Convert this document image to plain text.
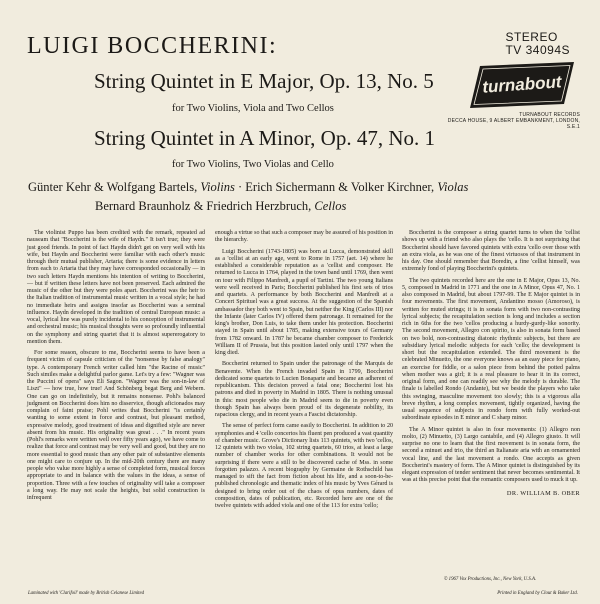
LUIGI BOCCHERINI:	STEREO
TV 34094S
turnabout
TURNABOUT RECORDS
DECCA HOUSE, 9 ALBERT EMBANKMENT, LONDON, S.E.1
String Quintet in E Major, Op. 13, No. 5
for Two Violins, Viola and Two Cellos
String Quintet in A Minor, Op. 47, No. 1
for Two Violins, Two Violas and Cello
Günter Kehr & Wolfgang Bartels, Violins · Erich Sichermann & Volker Kirchner, Violas
Bernard Braunholz & Friedrich Herzbruch, Cellos

The violinist Puppo has been credited with the remark, repeated ad nauseam that "Boccherini is the wife of Haydn." It isn't true; they were just good friends. In point of fact Haydn didn't get on very well with his wife, but Haydn and Boccherini were familiar with each other's music through their mutual publisher, Artaria; there is some evidence in letters from each to Artaria that they may have corresponded occasionally — in two such letters Haydn mentions his intention of writing to Boccherini, — but if written these letters have not been preserved. Each admired the music of the other but they were poles apart. Boccherini was the heir to the Italian tradition of instrumental music written in a vocal style; he had no immediate heirs and assigns insofar as Boccherini was a seminal influence. Haydn developed in the tradition of central European music: a vocal, lyrical line was purely incidental to his conception of instrumental and orchestral music; his musical thoughts were so profoundly influential on the symphony and string quartet that it is almost supererogatory to mention them.

For some reason, obscure to me, Boccherini seems to have been a frequent victim of capsule criticism of the "nonsense by false analogy" type. A contemporary French writer called him "the Racine of music" Such similes make a delightful parlor game. Let's try a few: "Wagner was the Puccini of opera" says Eli Sagon. "Wagner was the son-in-law of Liszt" — how true, how true! And Schönberg begat Berg and Webern. One can go on indefinitely, but it remains nonsense. Pohl's balanced judgment on Boccherini does him no disservice, though aficionados may complain of faint praise; Pohl writes that Boccherini "is certainly wanting to some extent in force and contrast, but pleasant method, expressive melody, good treatment of ideas and dignified style are never absent from his music. His originality was great . . ." In recent years (Pohl's remarks were written well over fifty years ago), we have come to realize that force and contrast may be very well and good, but they are no more essential to good music than any other pair of substantive elements one might care to conjure up. In the mid-20th century there are many people who value more highly a sense of completed form, musical forces appropriate to and in balance with the values in the ideas, a sense of proportion. Three with a few touches of originality will take a composer a long way. He may not scale the heights, but solid construction is infrequent

enough a virtue so that such a composer may be assured of his position in the hierarchy.

Luigi Boccherini (1743-1805) was born at Lucca, demonstrated skill as a 'cellist at an early age, went to Rome in 1757 (aet. 14) where he established a considerable reputation as a 'cellist and composer. He returned to Lucca in 1764, played in the town band until 1769, then went on tour with Filippo Manfredi, a pupil of Tartini. The two young Italians were well received in Paris; Boccherini published his first sets of trios and quartets. A performance by both Boccherini and Manfredi at a Concert Spirituel was a great success. At the suggestion of the Spanish ambassador they both went to Spain, but neither the King (Carlos III) nor the Infante (later Carlos IV) offered them patronage. It remained for the king's brother, Don Luis, to take them under his protection. Boccherini stayed in Spain until about 1785, making extensive tours of Germany from 1782 onward. In 1787 he became chamber composer to Frederick William II of Prussia, but this position lasted only until 1797 when the king died.

Boccherini returned to Spain under the patronage of the Marquis de Benavente. When the French invaded Spain in 1799, Boccherini dedicated some quartets to Lucien Bonaparte and became an adherent of republicanism. This decision proved a fatal one; Boccherini lost his patrons and died in poverty in Madrid in 1805. There is nothing unusual in this: most people who die in Madrid seem to die in poverty even though Spain has always been proud of its degenerate nobility, its rapacious clergy, and in recent years a Fascist dictatorship.

The sense of perfect form came easily to Boccherini. In addition to 20 symphonies and 4 'cello concertos his fluent pen produced a vast quantity of chamber music. Grove's Dictionary lists 113 quintets, with two 'cellos, 12 quintets with two violas, 102 string quartets, 60 trios, at least a large number of chamber works for other combinations. It would not be surprising if there were a still to be discovered cache of Mss. in some forgotten palazzo. A recent biography by Germaine de Rothschild has managed to sift the fact from fiction about his life, and a soon-to-be-published chronologic and thematic index of his music by Yves Gérard is designed to bring order out of the chaos of opus numbers, dates of composition, dates of publication, etc. Recorded here are one of the twelve quintets with added viola and one of the 113 for extra 'cello;

Boccherini is the composer a string quartet turns to when the 'cellist shows up with a friend who also plays the 'cello. It is not surprising that Boccherini should have favored quintets with extra 'cello over those with an extra viola, as he was one of the finest virtuosos of that instrument in his day. One should remember that Boredin, a fine 'cellist himself, was extremely fond of playing Boccherini's quintets.

The two quintets recorded here are the one in E Major, Opus 13, No. 5, composed in Madrid in 1771 and the one in A Minor, Opus 47, No. 1 also composed in Madrid, but about 1797-99. The E Major quintet is in four movements. The first movement, Andantino mosso (Amoroso), is written for muted strings; it is in sonata form with two non-contrasting lyrical subjects; the recapitulation section is long and includes a section rich in 6ths for the two 'cellos producing a hurdy-gurdy-like sonority. The second movement, Allegro con spirito, is also in sonata form based on two bold, non-contrasting diatonic rhythmic subjects, but there are subsidiary lyrical melodic subjects for each 'cello; the development is short but the recapitulation extended. The third movement is the celebrated Minuetto, the one everyone knows as an easy piece for piano, an exercise for fiddle, or a salon piece from behind the potted palms when mother was a girl; it is a real pleasure to hear it in its correct, original form, and one can readily see why the melody is durable. The finale is labelled Rondo (Andante), but we beside the players who take this swinging, masculine movement too slowly; this is a vigorous alla breve rhythm, a long complex movement, tightly organized, having the usual sequence of subjects in rondo form with fully worked-out subordinate episodes in E minor and C sharp minor.

The A Minor quintet is also in four movements: (1) Allegro non molto, (2) Minuetto, (3) Largo cantabile, and (4) Allegro giusto. It will surprise no one to learn that the first movement is in sonata form, the second a minuet and trio, the third an Italianate aria with an ornamented vocal line, and the last movement a rondo. One accepts as given Boccherini's mastery of form. The A Minor quintet is distinguished by its elegant expression of tender sentiment that never becomes sentimental. It was at this precise point that the romantic composers used to muck it up.

DR. WILLIAM B. OBER
© 1967 Vox Productions, Inc., New York, U.S.A.
Laminated with 'Clarifoil' made by British Celanese Limited	Printed in England by Clout & Baker Ltd.
